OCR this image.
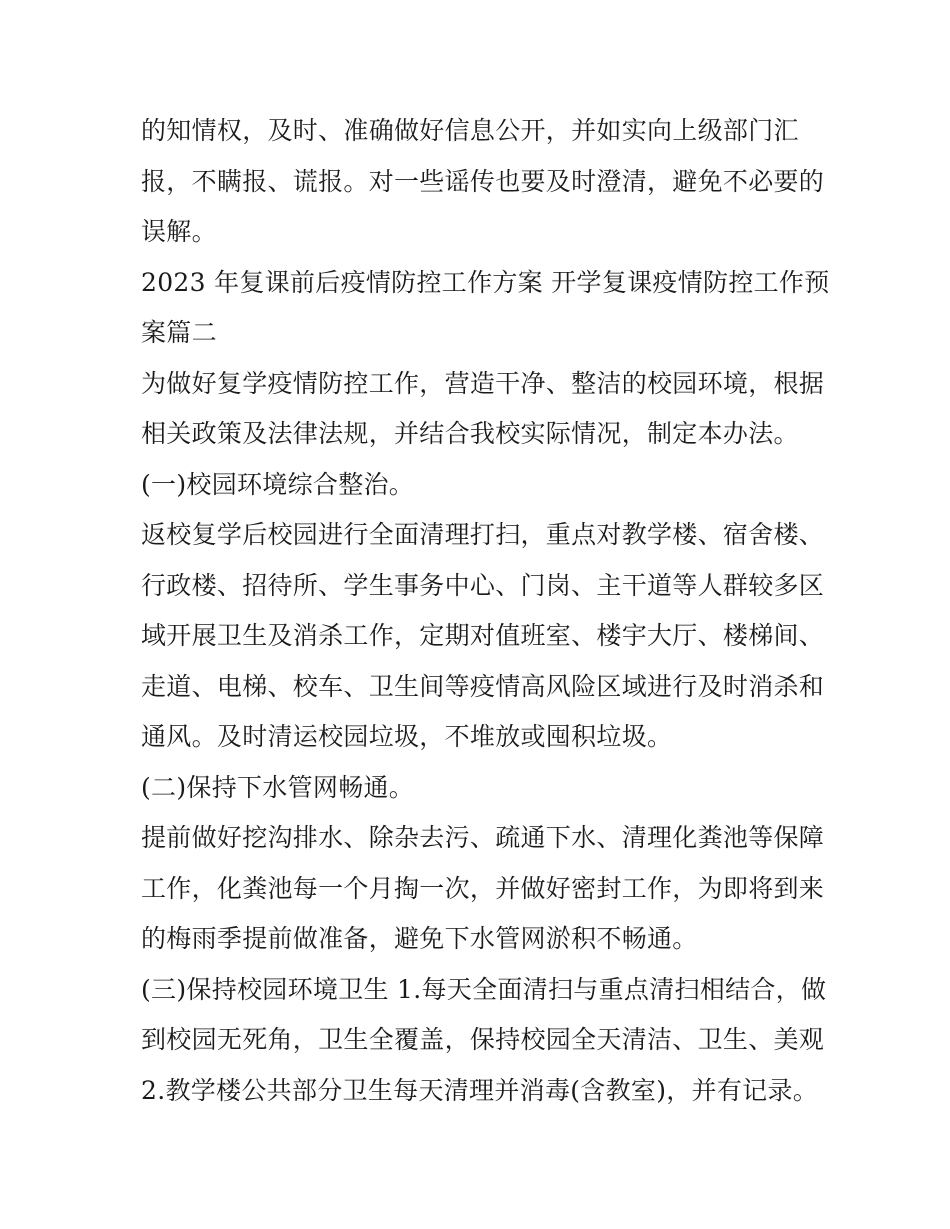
的知情权，及时、准确做好信息公开，并如实向上级部门汇
报，不瞒报、谎报。对一些谣传也要及时澄清，避免不必要的
误解。
2023 年复课前后疫情防控工作方案 开学复课疫情防控工作预
案篇二
为做好复学疫情防控工作，营造干净、整洁的校园环境，根据
相关政策及法律法规，并结合我校实际情况，制定本办法。
(一)校园环境综合整治。
返校复学后校园进行全面清理打扫，重点对教学楼、宿舍楼、
行政楼、招待所、学生事务中心、门岗、主干道等人群较多区
域开展卫生及消杀工作，定期对值班室、楼宇大厅、楼梯间、
走道、电梯、校车、卫生间等疫情高风险区域进行及时消杀和
通风。及时清运校园垃圾，不堆放或囤积垃圾。
(二)保持下水管网畅通。
提前做好挖沟排水、除杂去污、疏通下水、清理化粪池等保障
工作，化粪池每一个月掏一次，并做好密封工作，为即将到来
的梅雨季提前做准备，避免下水管网淤积不畅通。
(三)保持校园环境卫生 1.每天全面清扫与重点清扫相结合，做
到校园无死角，卫生全覆盖，保持校园全天清洁、卫生、美观
2.教学楼公共部分卫生每天清理并消毒(含教室)，并有记录。
